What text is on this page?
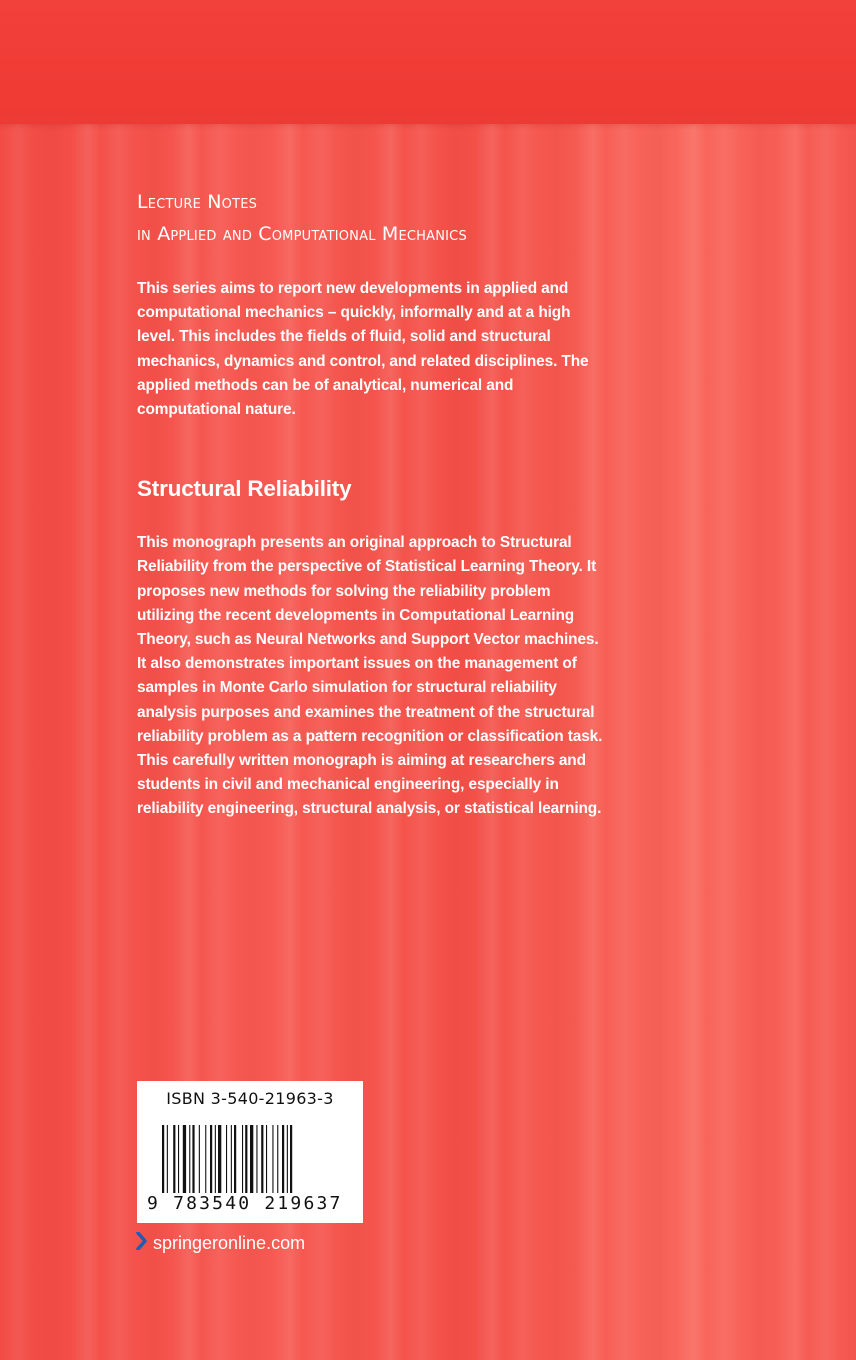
Lecture Notes
in Applied and Computational Mechanics

This series aims to report new developments in applied and computational mechanics – quickly, informally and at a high level. This includes the fields of fluid, solid and structural mechanics, dynamics and control, and related disciplines. The applied methods can be of analytical, numerical and computational nature.

Structural Reliability

This monograph presents an original approach to Structural Reliability from the perspective of Statistical Learning Theory. It proposes new methods for solving the reliability problem utilizing the recent developments in Computational Learning Theory, such as Neural Networks and Support Vector machines. It also demonstrates important issues on the management of samples in Monte Carlo simulation for structural reliability analysis purposes and examines the treatment of the structural reliability problem as a pattern recognition or classification task. This carefully written monograph is aiming at researchers and students in civil and mechanical engineering, especially in reliability engineering, structural analysis, or statistical learning.

ISBN 3-540-21963-3
9 783540 219637
springeronline.com
